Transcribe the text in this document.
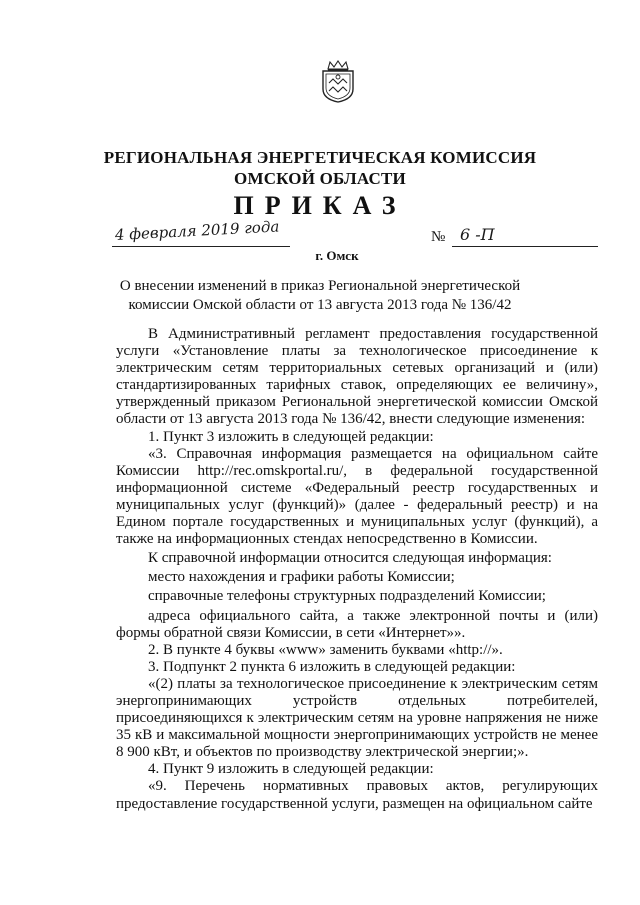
РЕГИОНАЛЬНАЯ ЭНЕРГЕТИЧЕСКАЯ КОМИССИЯ
ОМСКОЙ ОБЛАСТИ
ПРИКАЗ
4 февраля 2019 года	№ 6 -П
г. Омск
О внесении изменений в приказ Региональной энергетической
комиссии Омской области от 13 августа 2013 года № 136/42

В Административный регламент предоставления государственной услуги «Установление платы за технологическое присоединение к электрическим сетям территориальных сетевых организаций и (или) стандартизированных тарифных ставок, определяющих ее величину», утвержденный приказом Региональной энергетической комиссии Омской области от 13 августа 2013 года № 136/42, внести следующие изменения:

1. Пункт 3 изложить в следующей редакции:

«3. Справочная информация размещается на официальном сайте Комиссии http://rec.omskportal.ru/, в федеральной государственной информационной системе «Федеральный реестр государственных и муниципальных услуг (функций)» (далее - федеральный реестр) и на Едином портале государственных и муниципальных услуг (функций), а также на информационных стендах непосредственно в Комиссии.

К справочной информации относится следующая информация:

место нахождения и графики работы Комиссии;

справочные телефоны структурных подразделений Комиссии;

адреса официального сайта, а также электронной почты и (или) формы обратной связи Комиссии, в сети «Интернет»».

2. В пункте 4 буквы «www» заменить буквами «http://».

3. Подпункт 2 пункта 6 изложить в следующей редакции:

«(2) платы за технологическое присоединение к электрическим сетям энергопринимающих устройств отдельных потребителей, присоединяющихся к электрическим сетям на уровне напряжения не ниже 35 кВ и максимальной мощности энергопринимающих устройств не менее 8 900 кВт, и объектов по производству электрической энергии;».

4. Пункт 9 изложить в следующей редакции:

«9. Перечень нормативных правовых актов, регулирующих предоставление государственной услуги, размещен на официальном сайте
